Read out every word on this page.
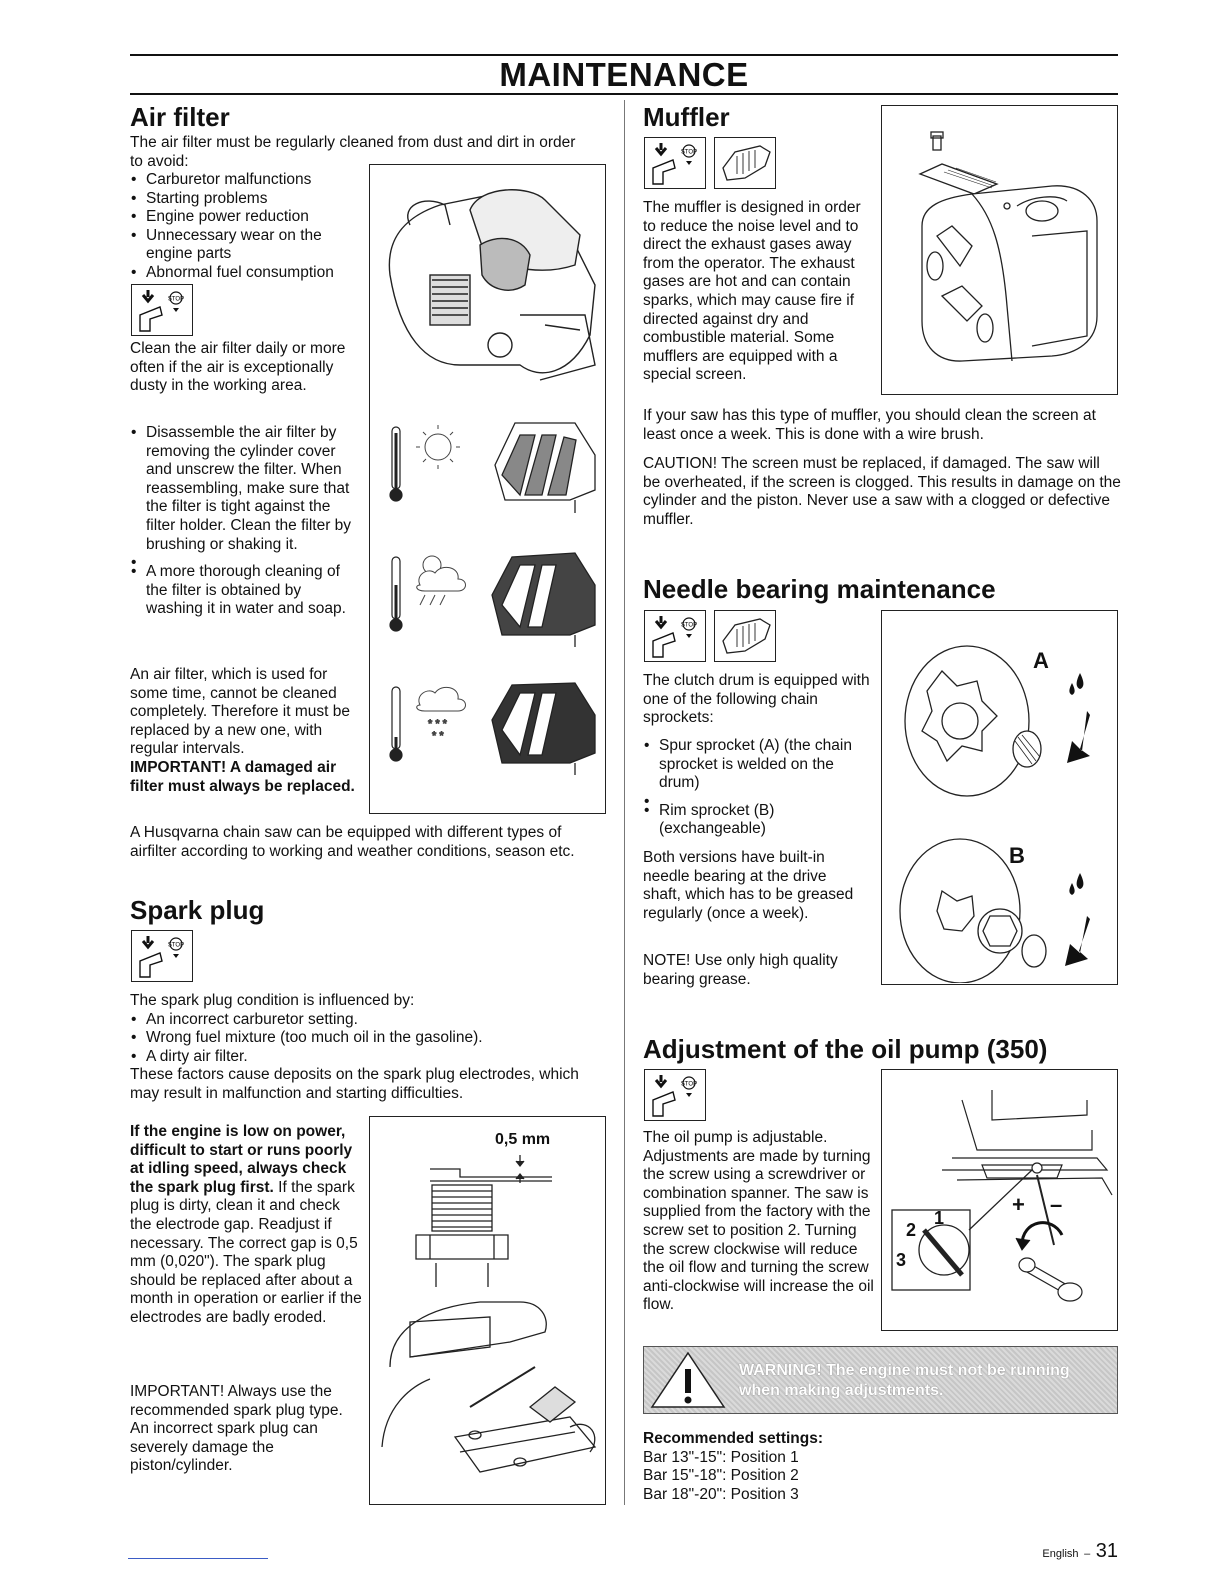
MAINTENANCE
Air filter
The air filter must be regularly cleaned from dust and dirt in order to avoid:
• Carburetor malfunctions
• Starting problems
• Engine power reduction
• Unnecessary wear on the engine parts
• Abnormal fuel consumption
STOP
Clean the air filter daily or more often if the air is exceptionally dusty in the working area.
• Disassemble the air filter by removing the cylinder cover and unscrew the filter. When reassembling, make sure that the filter is tight against the filter holder. Clean the filter by brushing or shaking it.
•
• A more thorough cleaning of the filter is obtained by washing it in water and soap.

An air filter, which is used for some time, cannot be cleaned completely. Therefore it must be replaced by a new one, with regular intervals.

IMPORTANT! A damaged air filter must always be replaced.

* * *
* *
A Husqvarna chain saw can be equipped with different types of airfilter according to working and weather conditions, season etc.
Spark plug
STOP

The spark plug condition is influenced by:

• An incorrect carburetor setting.
• Wrong fuel mixture (too much oil in the gasoline).
• A dirty air filter.

These factors cause deposits on the spark plug electrodes, which may result in malfunction and starting difficulties.

If the engine is low on power, difficult to start or runs poorly at idling speed, always check the spark plug first. If the spark plug is dirty, clean it and check the electrode gap. Readjust if necessary. The correct gap is 0,5 mm (0,020"). The spark plug should be replaced after about a month in operation or earlier if the electrodes are badly eroded.

IMPORTANT! Always use the recommended spark plug type. An incorrect spark plug can severely damage the piston/cylinder.
0,5 mm
Muffler
STOP
The muffler is designed in order to reduce the noise level and to direct the exhaust gases away from the operator. The exhaust gases are hot and can contain sparks, which may cause fire if directed against dry and combustible material. Some mufflers are equipped with a special screen.
If your saw has this type of muffler, you should clean the screen at least once a week. This is done with a wire brush.
CAUTION! The screen must be replaced, if damaged. The saw will be overheated, if the screen is clogged. This results in damage on the cylinder and the piston. Never use a saw with a clogged or defective muffler.
Needle bearing maintenance
STOP
The clutch drum is equipped with one of the following chain sprockets:
• Spur sprocket (A) (the chain sprocket is welded on the drum)
•
• Rim sprocket (B) (exchangeable)
Both versions have built-in needle bearing at the drive shaft, which has to be greased regularly (once a week).
NOTE! Use only high quality bearing grease.
A
B
Adjustment of the oil pump (350)
STOP
The oil pump is adjustable. Adjustments are made by turning the screw using a screwdriver or combination spanner. The saw is supplied from the factory with the screw set to position 2. Turning the screw clockwise will reduce the oil flow and turning the screw anti-clockwise will increase the oil flow.
2
1
3
+ –
WARNING! The engine must not be running when making adjustments.

Recommended settings:

Bar 13"-15": Position 1

Bar 15"-18": Position 2

Bar 18"-20": Position 3

English – 31
